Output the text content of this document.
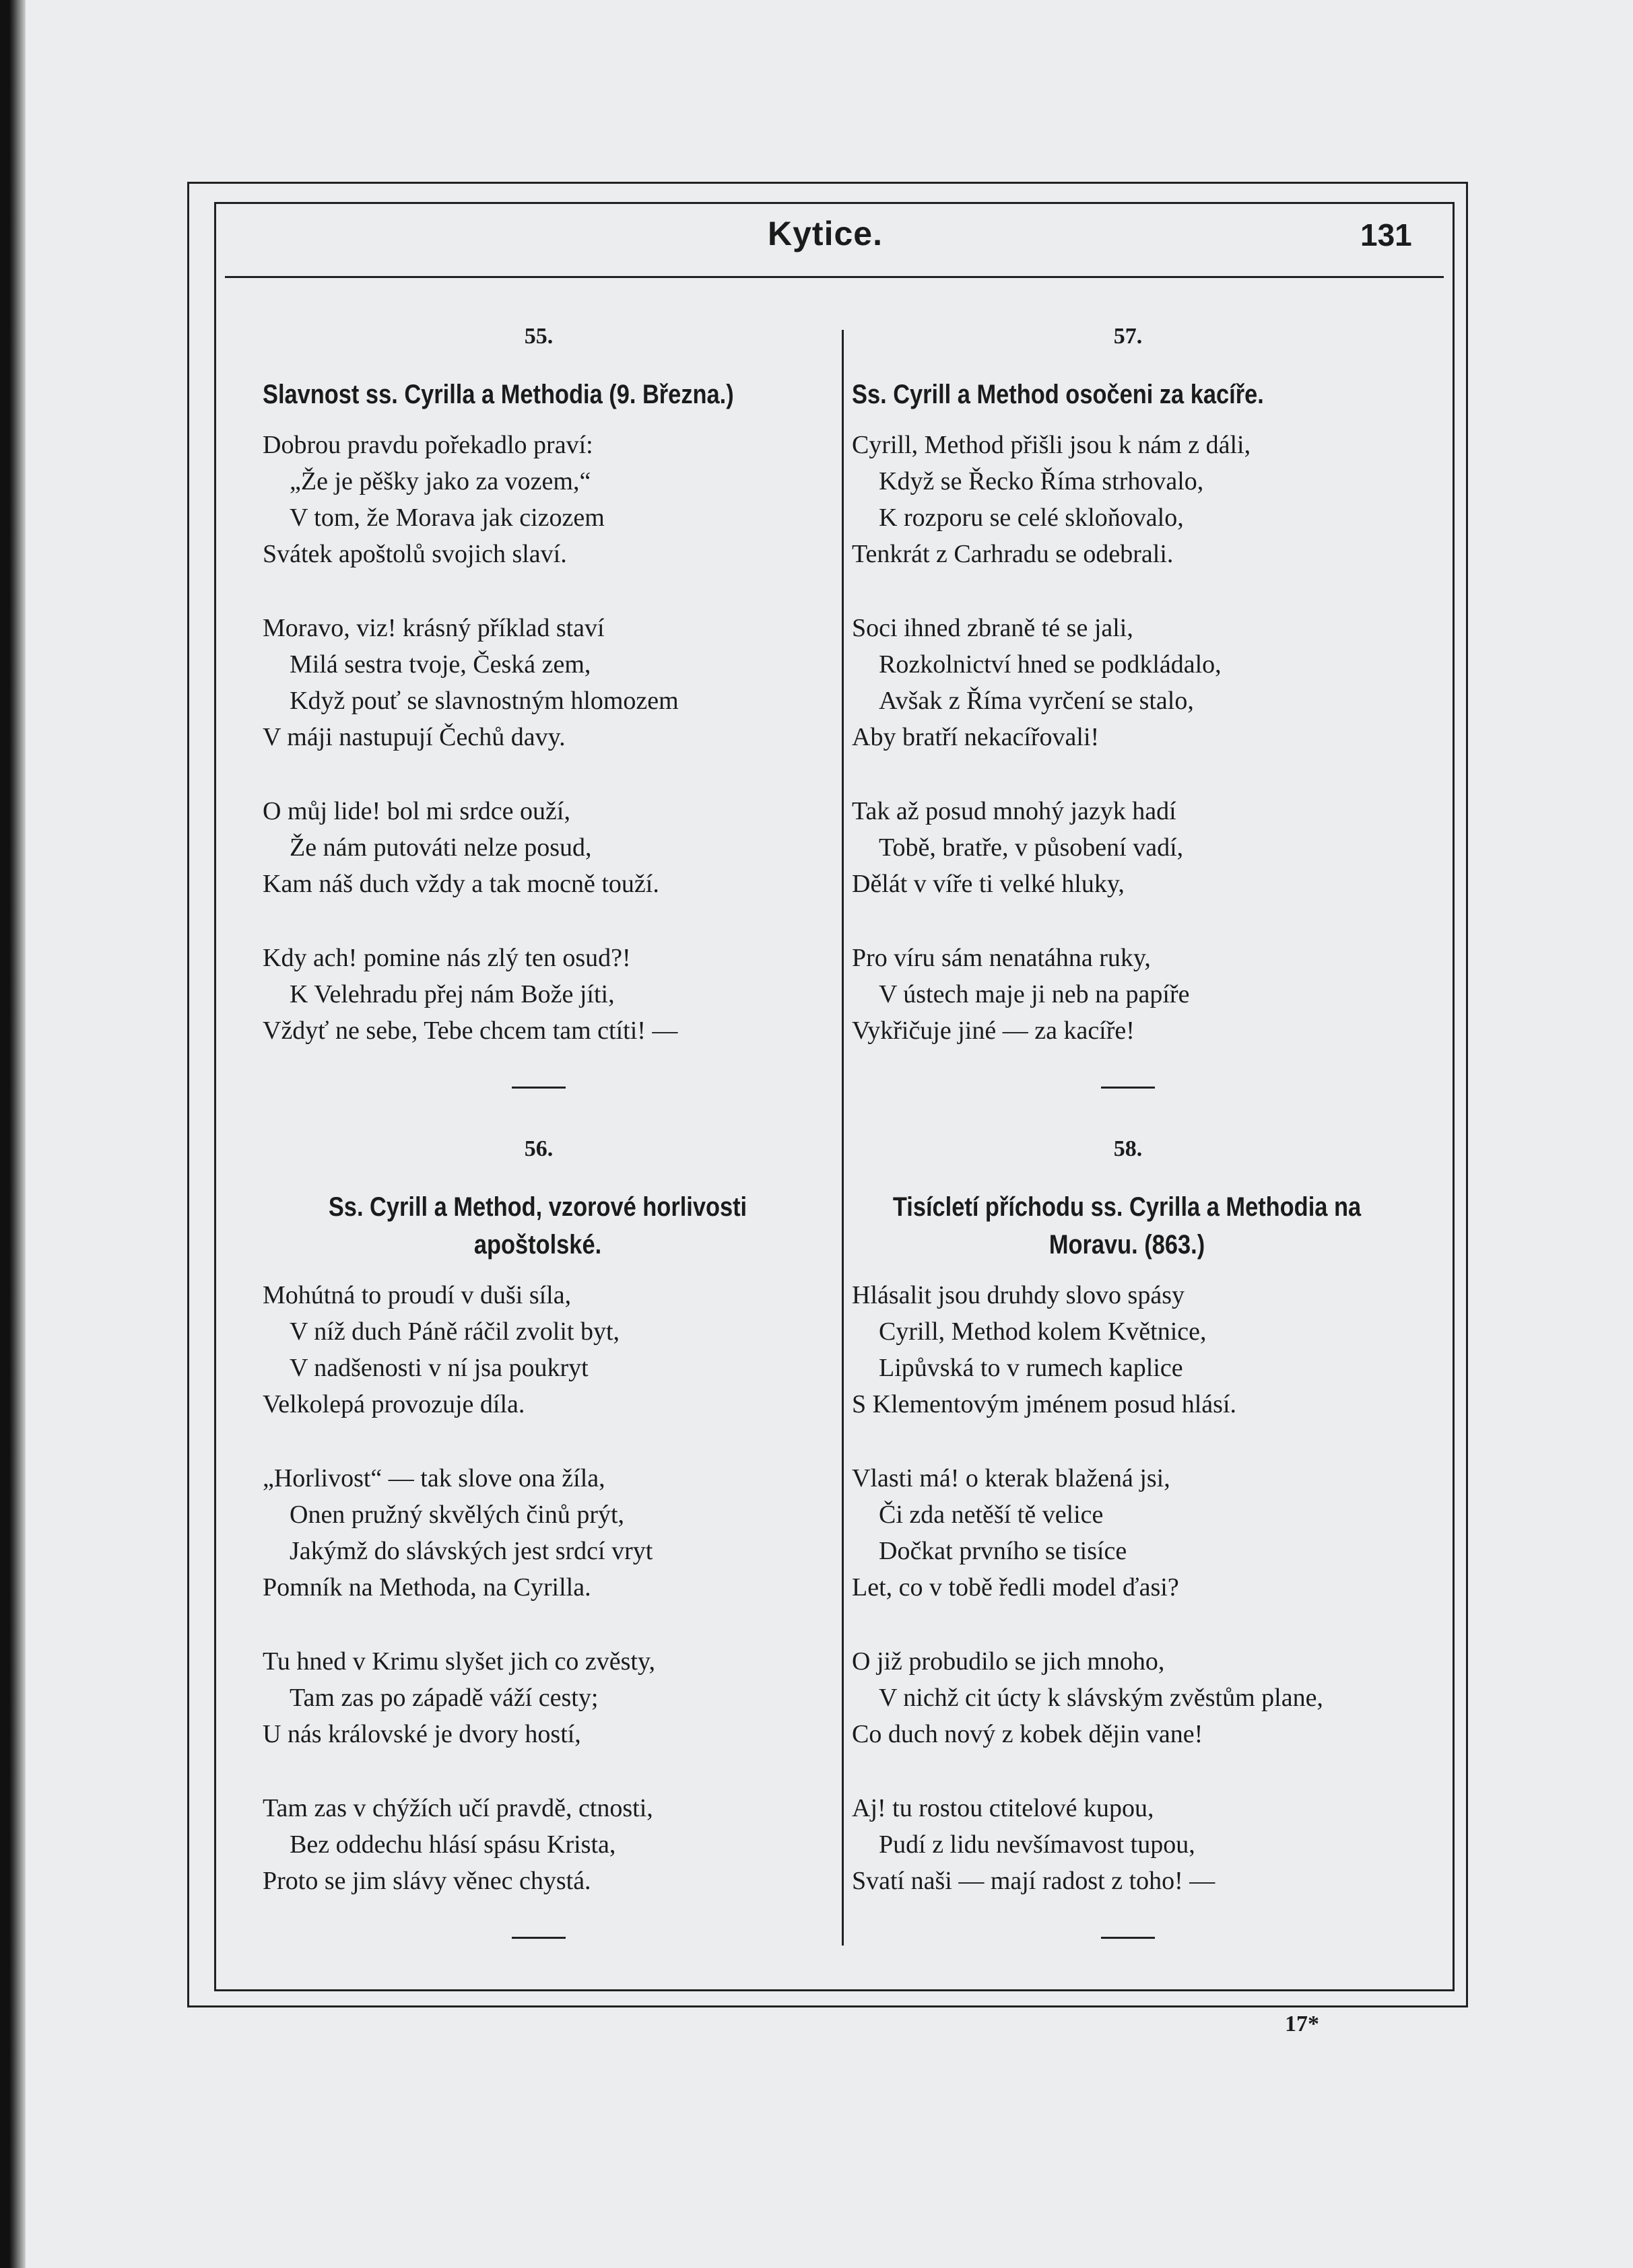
Kytice.	131
55.
Slavnost ss. Cyrilla a Methodia (9. Března.)
Dobrou pravdu pořekadlo praví:
„Že je pěšky jako za vozem,“
V tom, že Morava jak cizozem
Svátek apoštolů svojich slaví.
Moravo, viz! krásný příklad staví
Milá sestra tvoje, Česká zem,
Když pouť se slavnostným hlomozem
V máji nastupují Čechů davy.
O můj lide! bol mi srdce ouží,
Že nám putováti nelze posud,
Kam náš duch vždy a tak mocně touží.
Kdy ach! pomine nás zlý ten osud?!
K Velehradu přej nám Bože jíti,
Vždyť ne sebe, Tebe chcem tam ctíti! —
56.
Ss. Cyrill a Method, vzorové horlivosti apoštolské.
Mohútná to proudí v duši síla,
V níž duch Páně ráčil zvolit byt,
V nadšenosti v ní jsa poukryt
Velkolepá provozuje díla.
„Horlivost“ — tak slove ona žíla,
Onen pružný skvělých činů prýt,
Jakýmž do slávských jest srdcí vryt
Pomník na Methoda, na Cyrilla.
Tu hned v Krimu slyšet jich co zvěsty,
Tam zas po západě váží cesty;
U nás královské je dvory hostí,
Tam zas v chýžích učí pravdě, ctnosti,
Bez oddechu hlásí spásu Krista,
Proto se jim slávy věnec chystá.
57.
Ss. Cyrill a Method osočeni za kacíře.
Cyrill, Method přišli jsou k nám z dáli,
Když se Řecko Říma strhovalo,
K rozporu se celé skloňovalo,
Tenkrát z Carhradu se odebrali.
Soci ihned zbraně té se jali,
Rozkolnictví hned se podkládalo,
Avšak z Říma vyrčení se stalo,
Aby bratří nekacířovali!
Tak až posud mnohý jazyk hadí
Tobě, bratře, v působení vadí,
Dělát v víře ti velké hluky,
Pro víru sám nenatáhna ruky,
V ústech maje ji neb na papíře
Vykřičuje jiné — za kacíře!
58.
Tisícletí příchodu ss. Cyrilla a Methodia na Moravu. (863.)
Hlásalit jsou druhdy slovo spásy
Cyrill, Method kolem Květnice,
Lipůvská to v rumech kaplice
S Klementovým jménem posud hlásí.
Vlasti má! o kterak blažená jsi,
Či zda netěší tě velice
Dočkat prvního se tisíce
Let, co v tobě ředli model ďasi?
O již probudilo se jich mnoho,
V nichž cit úcty k slávským zvěstům plane,
Co duch nový z kobek dějin vane!
Aj! tu rostou ctitelové kupou,
Pudí z lidu nevšímavost tupou,
Svatí naši — mají radost z toho! —
17*
